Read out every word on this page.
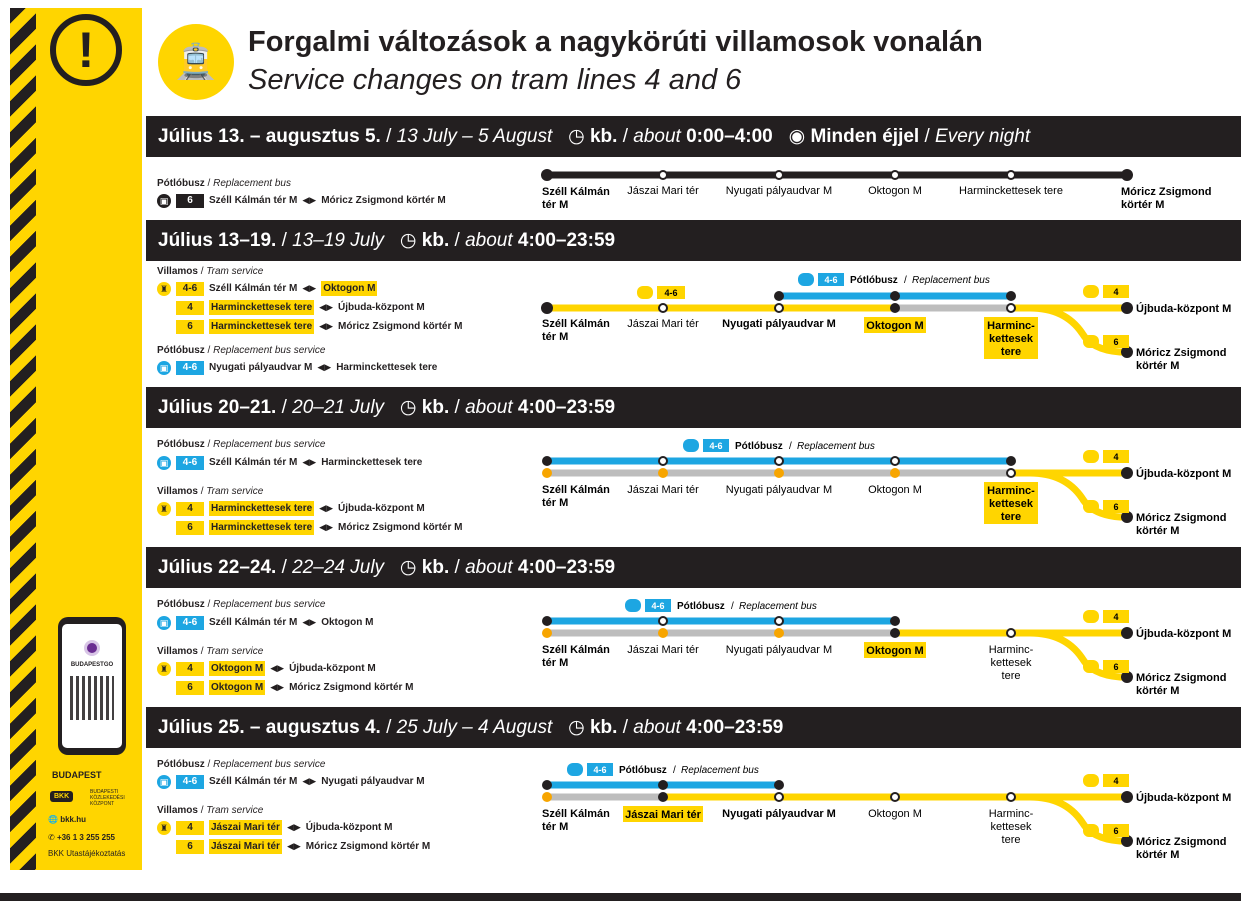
!
BUDAPESTGO
BUDAPEST
BKK
BUDAPESTI KÖZLEKEDÉSI KÖZPONT
🌐 bkk.hu
✆ +36 1 3 255 255
BKK Utastájékoztatás
🚊
Forgalmi változások a nagykörúti villamosok vonalán
Service changes on tram lines 4 and 6
Július 13. – augusztus 5. / 13 July – 5 August ◷ kb. / about 0:00–4:00 ◉ Minden éjjel / Every night
Július 13–19. / 13–19 July ◷ kb. / about 4:00–23:59
Július 20–21. / 20–21 July ◷ kb. / about 4:00–23:59
Július 22–24. / 22–24 July ◷ kb. / about 4:00–23:59
Július 25. – augusztus 4. / 25 July – 4 August ◷ kb. / about 4:00–23:59
Pótlóbusz / Replacement bus
▣	6	Széll Kálmán tér M ◀▶ Móricz Zsigmond körtér M
Villamos / Tram service
♜	4-6	Széll Kálmán tér M ◀▶ Oktogon M
4	Harminckettesek tere ◀▶ Újbuda-központ M
6	Harminckettesek tere ◀▶ Móricz Zsigmond körtér M
Pótlóbusz / Replacement bus service
▣	4-6	Nyugati pályaudvar M ◀▶ Harminckettesek tere
Pótlóbusz / Replacement bus service
▣	4-6	Széll Kálmán tér M ◀▶ Harminckettesek tere
Villamos / Tram service
♜	4	Harminckettesek tere ◀▶ Újbuda-központ M
6	Harminckettesek tere ◀▶ Móricz Zsigmond körtér M
Pótlóbusz / Replacement bus service
▣	4-6	Széll Kálmán tér M ◀▶ Oktogon M
Villamos / Tram service
♜	4	Oktogon M ◀▶ Újbuda-központ M
6	Oktogon M ◀▶ Móricz Zsigmond körtér M
Pótlóbusz / Replacement bus service
▣	4-6	Széll Kálmán tér M ◀▶ Nyugati pályaudvar M
Villamos / Tram service
♜	4	Jászai Mari tér ◀▶ Újbuda-központ M
6	Jászai Mari tér ◀▶ Móricz Zsigmond körtér M
Széll Kálmán
tér M
Jászai Mari tér Nyugati pályaudvar M	Oktogon M	Harminckettesek tere	Móricz Zsigmond
körtér M
4-6 Pótlóbusz / Replacement bus
4-6	4
6
Széll Kálmán
tér M
Jászai Mari tér Nyugati pályaudvar M	Oktogon M	Harminc-
kettesek
tere
Újbuda-központ M
Móricz Zsigmond
körtér M
4-6 Pótlóbusz / Replacement bus
4
6
Széll Kálmán
tér M
Jászai Mari tér Nyugati pályaudvar M	Oktogon M	Harminc-
kettesek
tere
Újbuda-központ M
Móricz Zsigmond
körtér M
4-6 Pótlóbusz / Replacement bus
4
6
Széll Kálmán
tér M
Jászai Mari tér Nyugati pályaudvar M	Oktogon M	Harminc-
kettesek
tere
Újbuda-központ M
Móricz Zsigmond
körtér M
4-6 Pótlóbusz / Replacement bus
4
6
Széll Kálmán
tér M
Jászai Mari tér Nyugati pályaudvar M	Oktogon M	Harminc-
kettesek
tere
Újbuda-központ M
Móricz Zsigmond
körtér M
